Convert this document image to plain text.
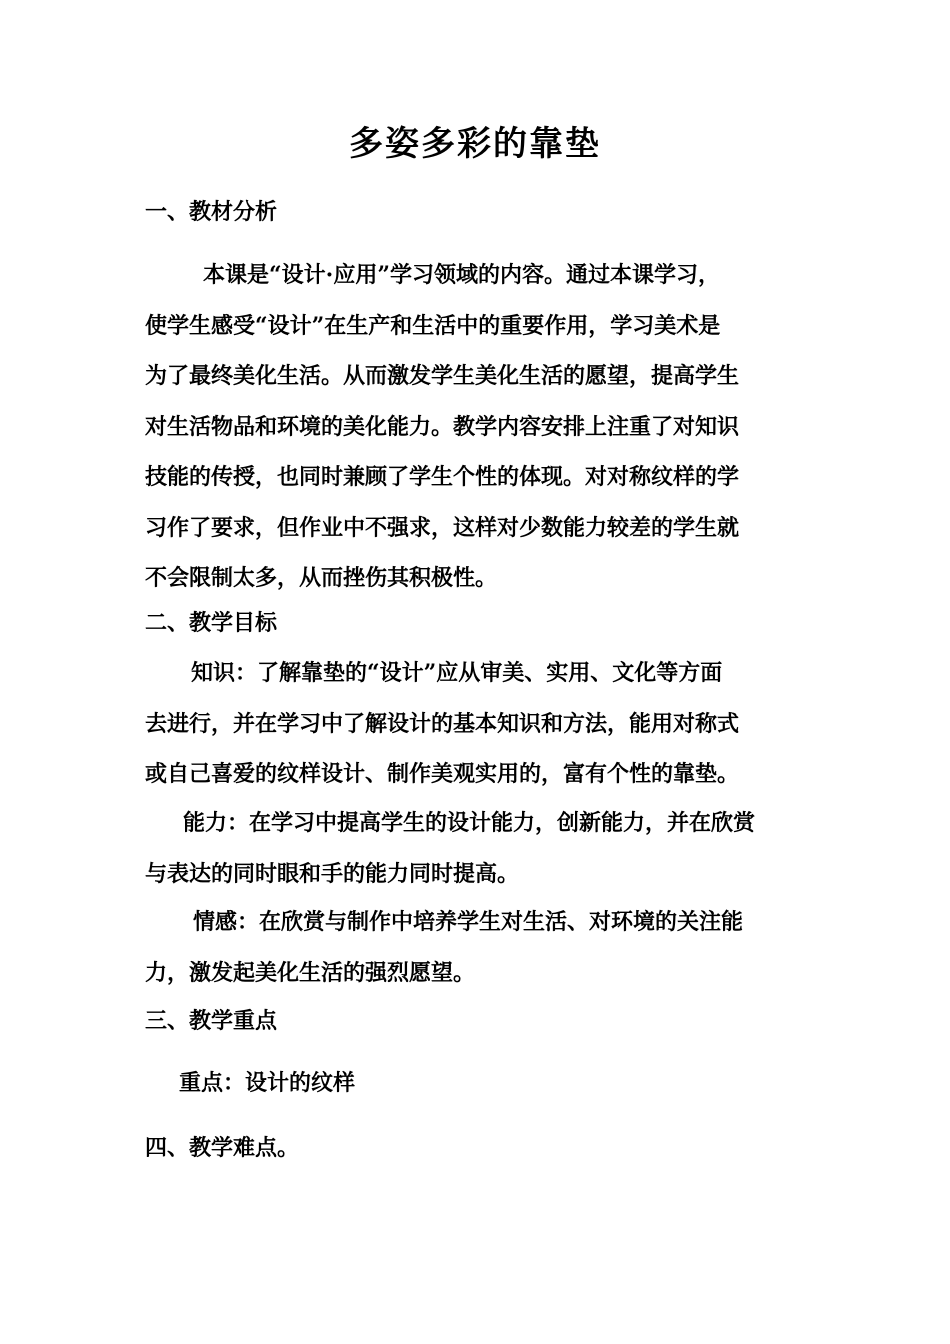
多姿多彩的靠垫
一、教材分析
本课是“设计·应用”学习领域的内容。通过本课学习，
使学生感受“设计”在生产和生活中的重要作用，学习美术是
为了最终美化生活。从而激发学生美化生活的愿望，提高学生
对生活物品和环境的美化能力。教学内容安排上注重了对知识
技能的传授，也同时兼顾了学生个性的体现。对对称纹样的学
习作了要求，但作业中不强求，这样对少数能力较差的学生就
不会限制太多，从而挫伤其积极性。
二、教学目标
知识：了解靠垫的“设计”应从审美、实用、文化等方面
去进行，并在学习中了解设计的基本知识和方法，能用对称式
或自己喜爱的纹样设计、制作美观实用的，富有个性的靠垫。
能力：在学习中提高学生的设计能力，创新能力，并在欣赏
与表达的同时眼和手的能力同时提高。
情感：在欣赏与制作中培养学生对生活、对环境的关注能
力，激发起美化生活的强烈愿望。
三、教学重点
重点：设计的纹样
四、教学难点。
